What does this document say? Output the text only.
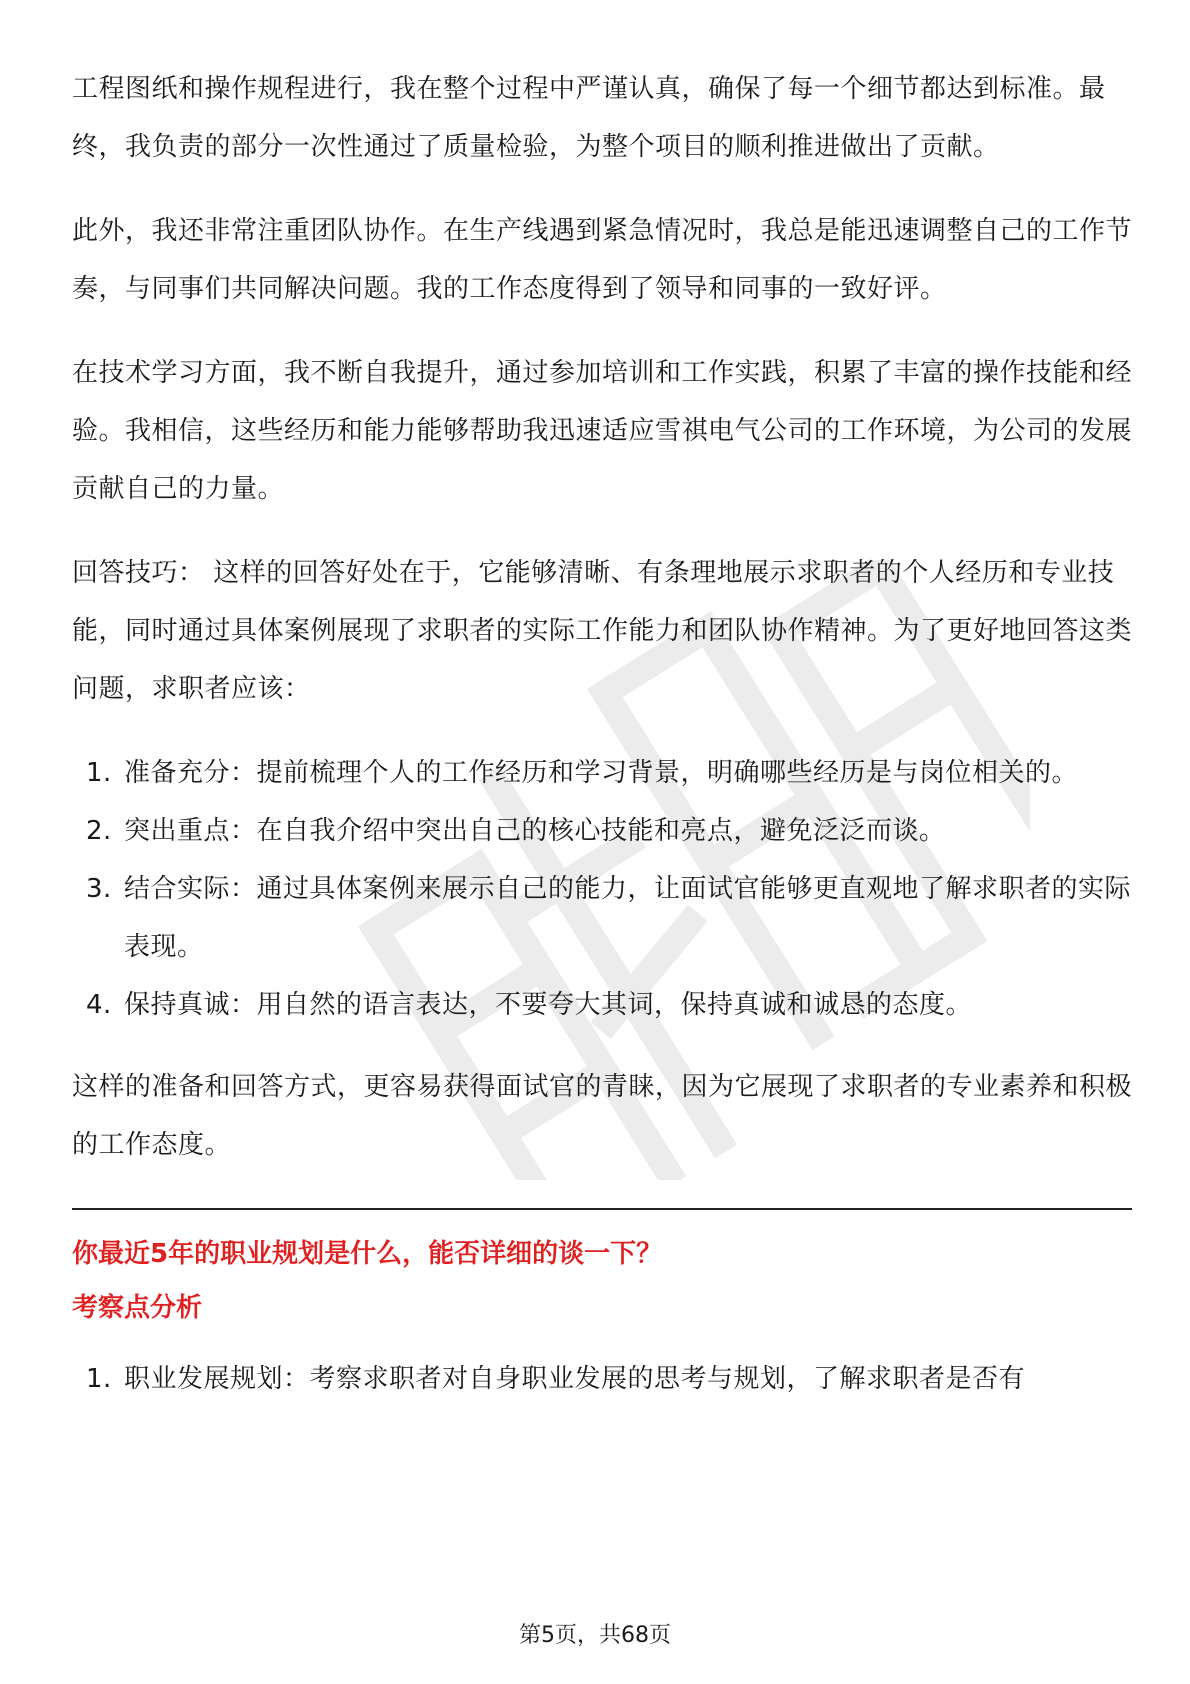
工程图纸和操作规程进行，我在整个过程中严谨认真，确保了每一个细节都达到标准。最终，我负责的部分一次性通过了质量检验，为整个项目的顺利推进做出了贡献。

此外，我还非常注重团队协作。在生产线遇到紧急情况时，我总是能迅速调整自己的工作节奏，与同事们共同解决问题。我的工作态度得到了领导和同事的一致好评。

在技术学习方面，我不断自我提升，通过参加培训和工作实践，积累了丰富的操作技能和经验。我相信，这些经历和能力能够帮助我迅速适应雪祺电气公司的工作环境，为公司的发展贡献自己的力量。

回答技巧： 这样的回答好处在于，它能够清晰、有条理地展示求职者的个人经历和专业技能，同时通过具体案例展现了求职者的实际工作能力和团队协作精神。为了更好地回答这类问题，求职者应该：

1. 准备充分：提前梳理个人的工作经历和学习背景，明确哪些经历是与岗位相关的。
2. 突出重点：在自我介绍中突出自己的核心技能和亮点，避免泛泛而谈。
3. 结合实际：通过具体案例来展示自己的能力，让面试官能够更直观地了解求职者的实际表现。
4. 保持真诚：用自然的语言表达，不要夸大其词，保持真诚和诚恳的态度。

这样的准备和回答方式，更容易获得面试官的青睐，因为它展现了求职者的专业素养和积极的工作态度。

你最近5年的职业规划是什么，能否详细的谈一下？
考察点分析
1. 职业发展规划：考察求职者对自身职业发展的思考与规划，了解求职者是否有
第5页，共68页
